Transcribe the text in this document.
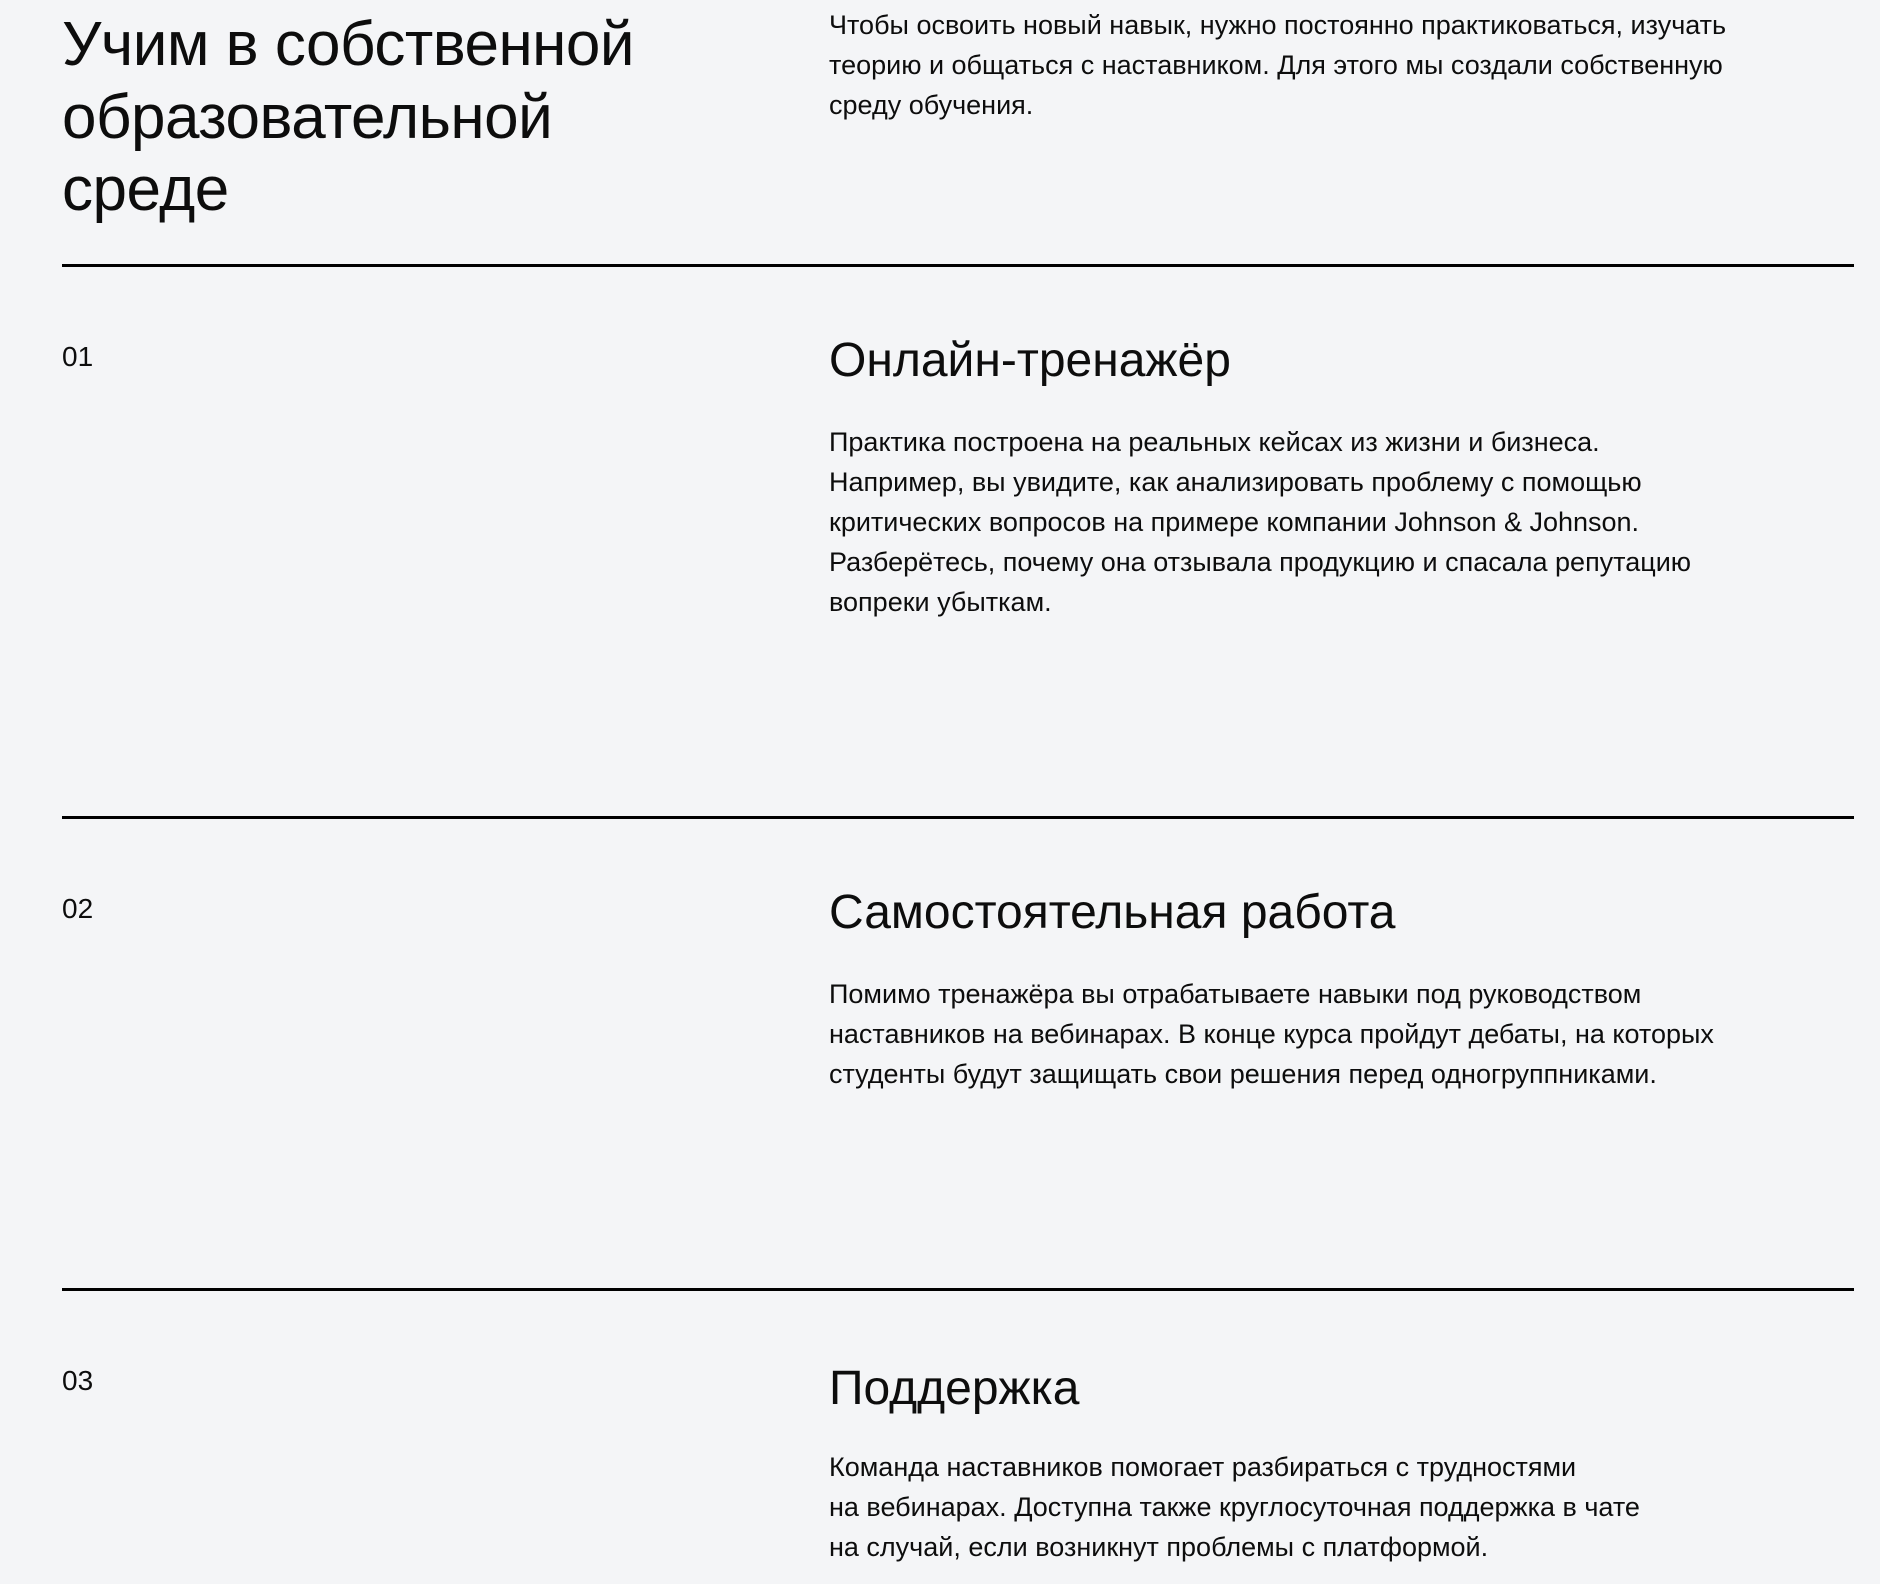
Учим в собственной
образовательной
среде

Чтобы освоить новый навык, нужно постоянно практиковаться, изучать
теорию и общаться с наставником. Для этого мы создали собственную
среду обучения.

01	Онлайн-тренажёр

Практика построена на реальных кейсах из жизни и бизнеса.
Например, вы увидите, как анализировать проблему с помощью
критических вопросов на примере компании Johnson & Johnson.
Разберётесь, почему она отзывала продукцию и спасала репутацию
вопреки убыткам.

02	Самостоятельная работа

Помимо тренажёра вы отрабатываете навыки под руководством
наставников на вебинарах. В конце курса пройдут дебаты, на которых
студенты будут защищать свои решения перед одногруппниками.

03	Поддержка

Команда наставников помогает разбираться с трудностями
на вебинарах. Доступна также круглосуточная поддержка в чате
на случай, если возникнут проблемы с платформой.
